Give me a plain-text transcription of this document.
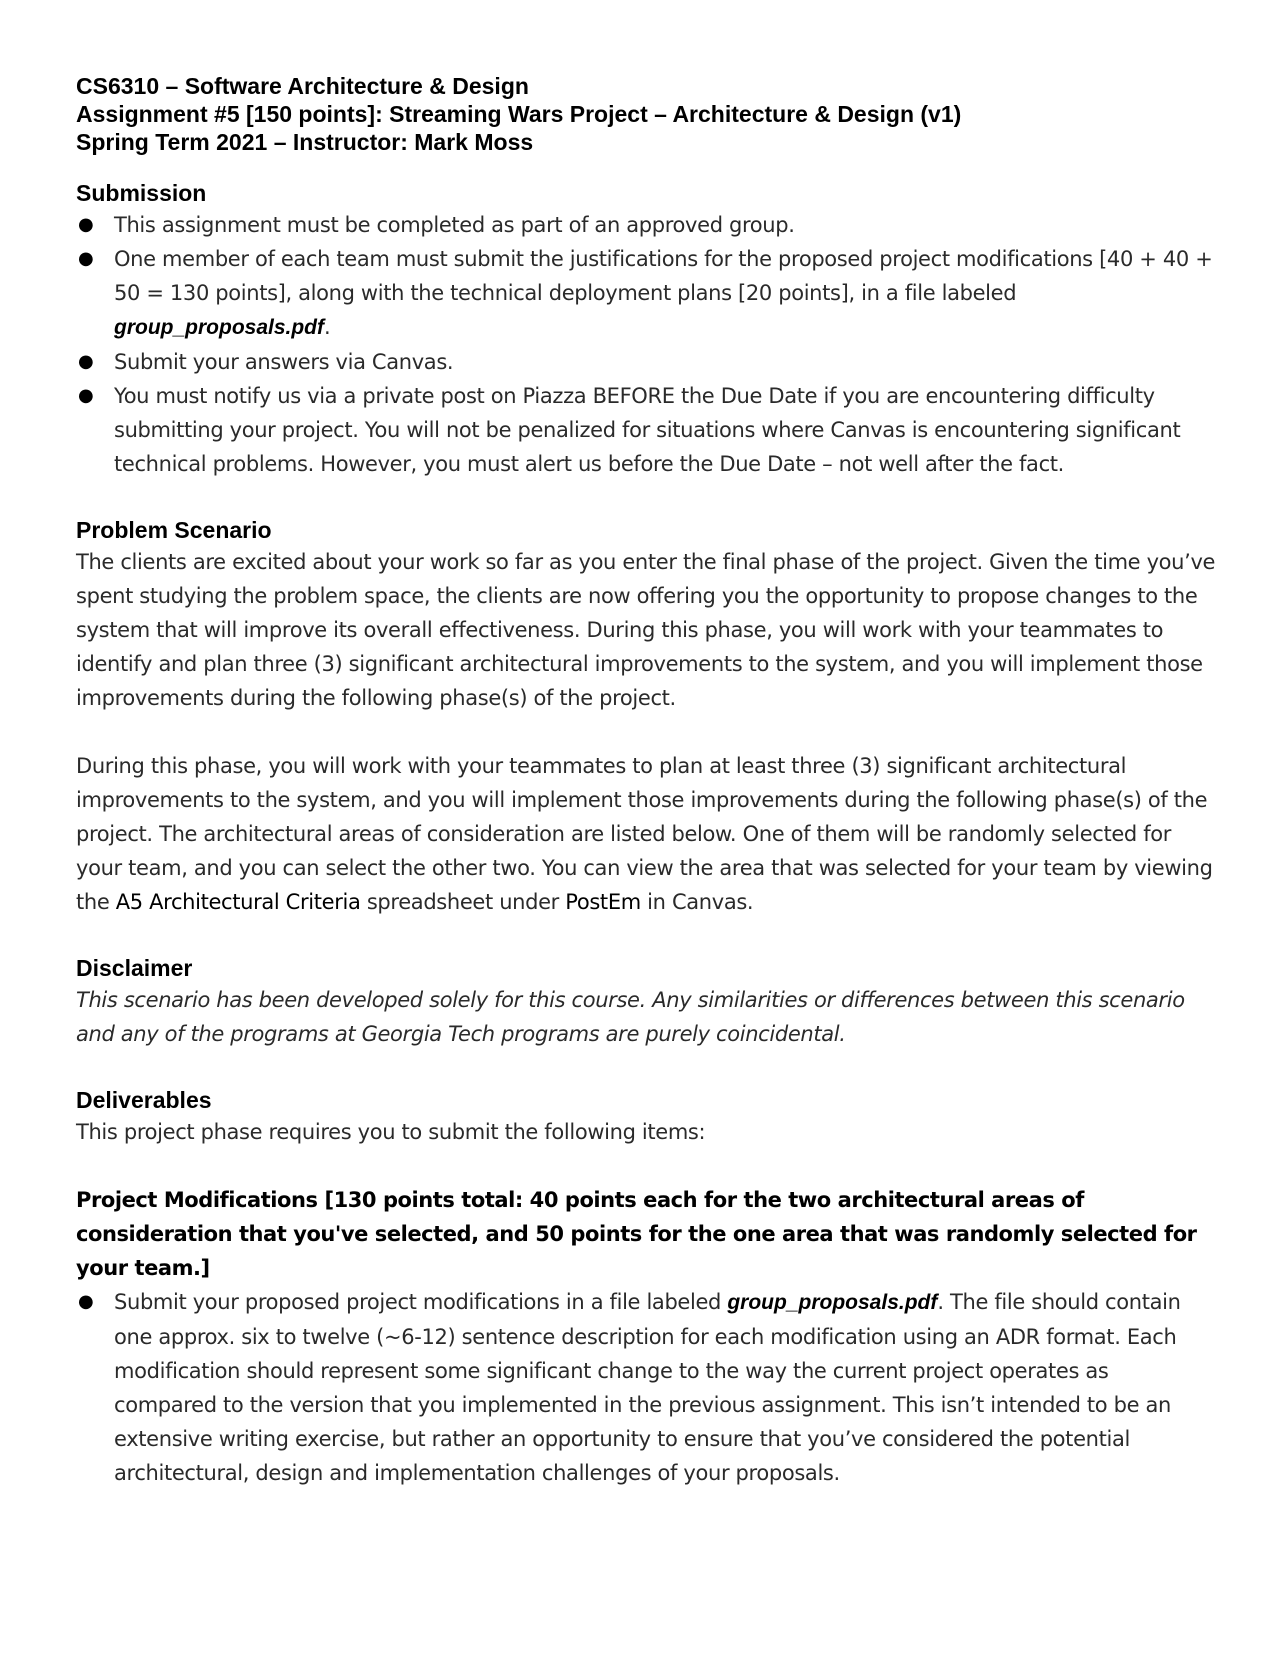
CS6310 – Software Architecture & Design

Assignment #5 [150 points]: Streaming Wars Project – Architecture & Design (v1)

Spring Term 2021 – Instructor: Mark Moss

Submission
● This assignment must be completed as part of an approved group.
● One member of each team must submit the justifications for the proposed project modifications [40 + 40 + 50 = 130 points], along with the technical deployment plans [20 points], in a file labeled group_proposals.pdf.
● Submit your answers via Canvas.
● You must notify us via a private post on Piazza BEFORE the Due Date if you are encountering difficulty submitting your project. You will not be penalized for situations where Canvas is encountering significant technical problems. However, you must alert us before the Due Date – not well after the fact.
Problem Scenario

The clients are excited about your work so far as you enter the final phase of the project. Given the time you’ve spent studying the problem space, the clients are now offering you the opportunity to propose changes to the system that will improve its overall effectiveness. During this phase, you will work with your teammates to identify and plan three (3) significant architectural improvements to the system, and you will implement those improvements during the following phase(s) of the project.

During this phase, you will work with your teammates to plan at least three (3) significant architectural improvements to the system, and you will implement those improvements during the following phase(s) of the project. The architectural areas of consideration are listed below. One of them will be randomly selected for your team, and you can select the other two. You can view the area that was selected for your team by viewing the A5 Architectural Criteria spreadsheet under PostEm in Canvas.

Disclaimer

This scenario has been developed solely for this course. Any similarities or differences between this scenario and any of the programs at Georgia Tech programs are purely coincidental.

Deliverables

This project phase requires you to submit the following items:

Project Modifications [130 points total: 40 points each for the two architectural areas of consideration that you've selected, and 50 points for the one area that was randomly selected for your team.]

● Submit your proposed project modifications in a file labeled group_proposals.pdf. The file should contain one approx. six to twelve (~6-12) sentence description for each modification using an ADR format. Each modification should represent some significant change to the way the current project operates as compared to the version that you implemented in the previous assignment. This isn’t intended to be an extensive writing exercise, but rather an opportunity to ensure that you’ve considered the potential architectural, design and implementation challenges of your proposals.
